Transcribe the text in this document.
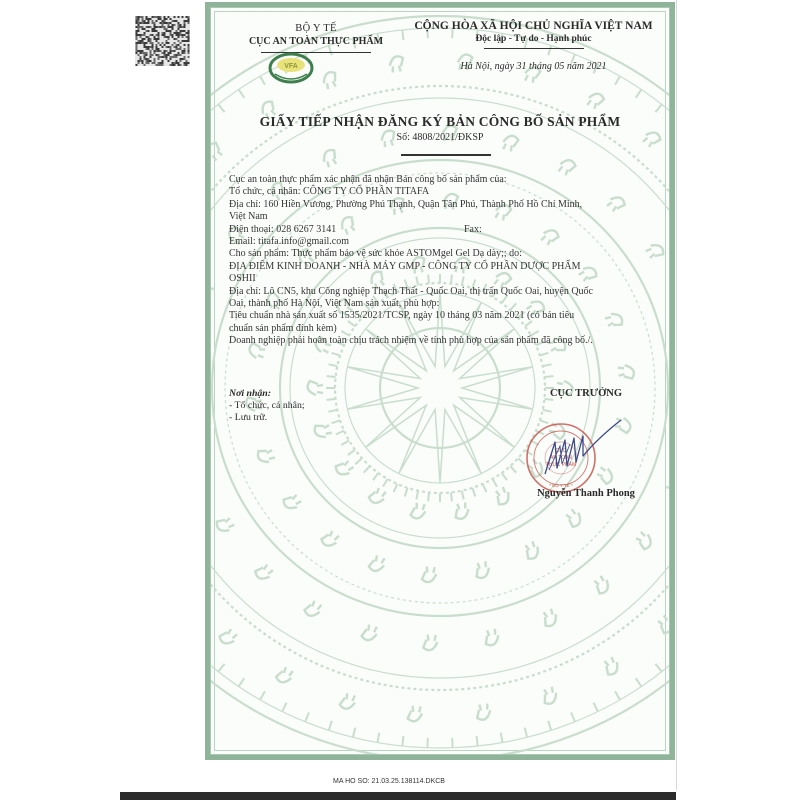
BỘ Y TẾ
CỤC AN TOÀN THỰC PHẨM
VFA
CỘNG HÒA XÃ HỘI CHỦ NGHĨA VIỆT NAM
Độc lập - Tự do - Hạnh phúc
Hà Nội, ngày 31 tháng 05 năm 2021
GIẤY TIẾP NHẬN ĐĂNG KÝ BẢN CÔNG BỐ SẢN PHẨM
Số: 4808/2021/ĐKSP

Cục an toàn thực phẩm xác nhận đã nhận Bản công bố sản phẩm của:

Tổ chức, cá nhân: CÔNG TY CỔ PHẦN TITAFA

Địa chỉ: 160 Hiền Vương, Phường Phú Thạnh, Quận Tân Phú, Thành Phố Hồ Chí Minh,

Việt Nam

Điện thoại: 028 6267 3141	Fax:

Email: titafa.info@gmail.com

Cho sản phẩm: Thực phẩm bảo vệ sức khỏe ASTOMgel Gel Dạ dày;; do:

ĐỊA ĐIỂM KINH DOANH - NHÀ MÁY GMP - CÔNG TY CỔ PHẦN DƯỢC PHẨM

OSHII

Địa chỉ: Lô CN5, khu Công nghiệp Thạch Thất - Quốc Oai, thị trấn Quốc Oai, huyện Quốc

Oai, thành phố Hà Nội, Việt Nam sản xuất, phù hợp:

Tiêu chuẩn nhà sản xuất số 1535/2021/TCSP, ngày 10 tháng 03 năm 2021 (có bản tiêu

chuẩn sản phẩm đính kèm)

Doanh nghiệp phải hoàn toàn chịu trách nhiệm về tính phù hợp của sản phẩm đã công bố./.

Nơi nhận:
- Tổ chức, cá nhân;
- Lưu trữ.
CỤC TRƯỞNG
CỤC
AN TOÀN
THỰC PHẨM
* BỘ Y TẾ *
Nguyễn Thanh Phong
MA HO SO: 21.03.25.138114.DKCB
